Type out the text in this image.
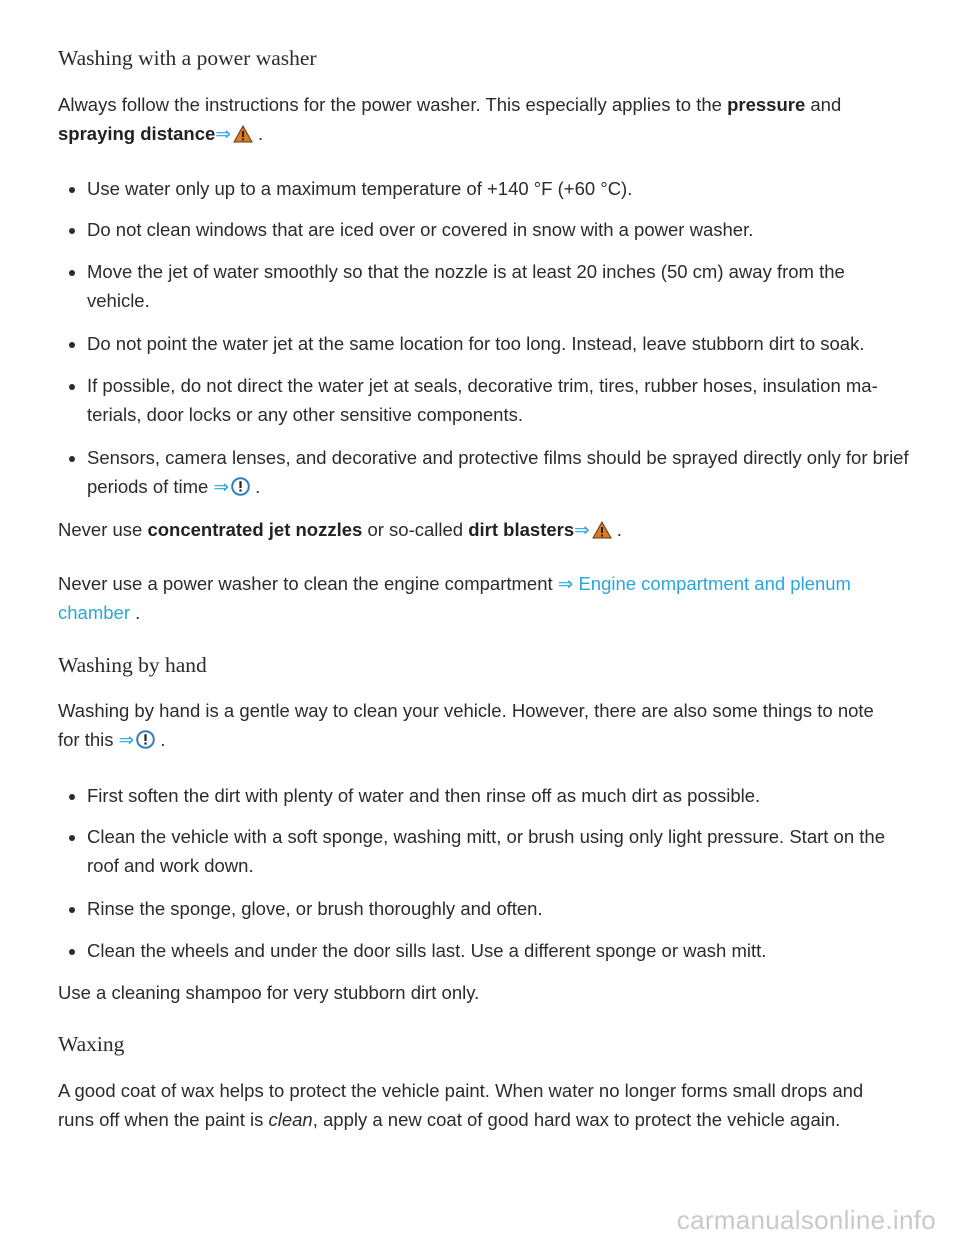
Washing with a power washer

Always follow the instructions for the power washer. This especially applies to the pressure and
spraying distance⇒
.

Use water only up to a maximum temperature of +140 °F (+60 °C).
Do not clean windows that are iced over or covered in snow with a power washer.
Move the jet of water smoothly so that the nozzle is at least 20 inches (50 cm) away from the vehicle.
Do not point the water jet at the same location for too long. Instead, leave stubborn dirt to soak.
If possible, do not direct the water jet at seals, decorative trim, tires, rubber hoses, insulation ma-terials, door locks or any other sensitive components.
Sensors, camera lenses, and decorative and protective films should be sprayed directly only for brief periods of time ⇒
.

Never use concentrated jet nozzles or so-called dirt blasters⇒
.

Never use a power washer to clean the engine compartment ⇒ Engine compartment and plenum chamber .

Washing by hand

Washing by hand is a gentle way to clean your vehicle. However, there are also some things to note for this ⇒
.

First soften the dirt with plenty of water and then rinse off as much dirt as possible.
Clean the vehicle with a soft sponge, washing mitt, or brush using only light pressure. Start on the roof and work down.
Rinse the sponge, glove, or brush thoroughly and often.
Clean the wheels and under the door sills last. Use a different sponge or wash mitt.

Use a cleaning shampoo for very stubborn dirt only.

Waxing

A good coat of wax helps to protect the vehicle paint. When water no longer forms small drops and runs off when the paint is clean, apply a new coat of good hard wax to protect the vehicle again.

carmanualsonline.info
